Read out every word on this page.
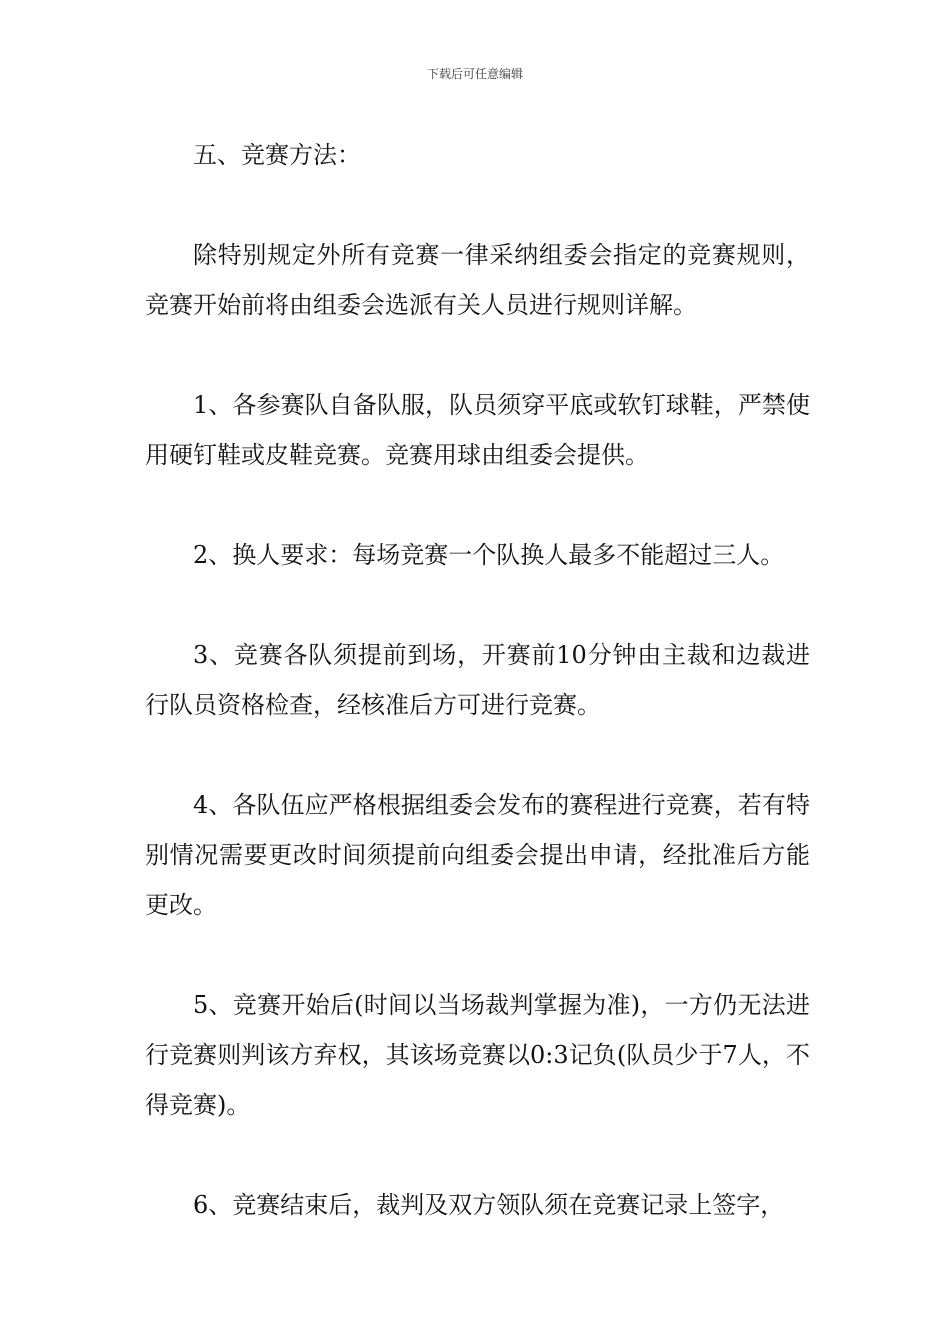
下载后可任意编辑

五、竞赛方法：

除特别规定外所有竞赛一律采纳组委会指定的竞赛规则，竞赛开始前将由组委会选派有关人员进行规则详解。

1、各参赛队自备队服，队员须穿平底或软钉球鞋，严禁使用硬钉鞋或皮鞋竞赛。竞赛用球由组委会提供。

2、换人要求：每场竞赛一个队换人最多不能超过三人。

3、竞赛各队须提前到场，开赛前10分钟由主裁和边裁进行队员资格检查，经核准后方可进行竞赛。

4、各队伍应严格根据组委会发布的赛程进行竞赛，若有特别情况需要更改时间须提前向组委会提出申请，经批准后方能更改。

5、竞赛开始后(时间以当场裁判掌握为准)，一方仍无法进行竞赛则判该方弃权，其该场竞赛以0:3记负(队员少于7人，不得竞赛)。

6、竞赛结束后，裁判及双方领队须在竞赛记录上签字，
